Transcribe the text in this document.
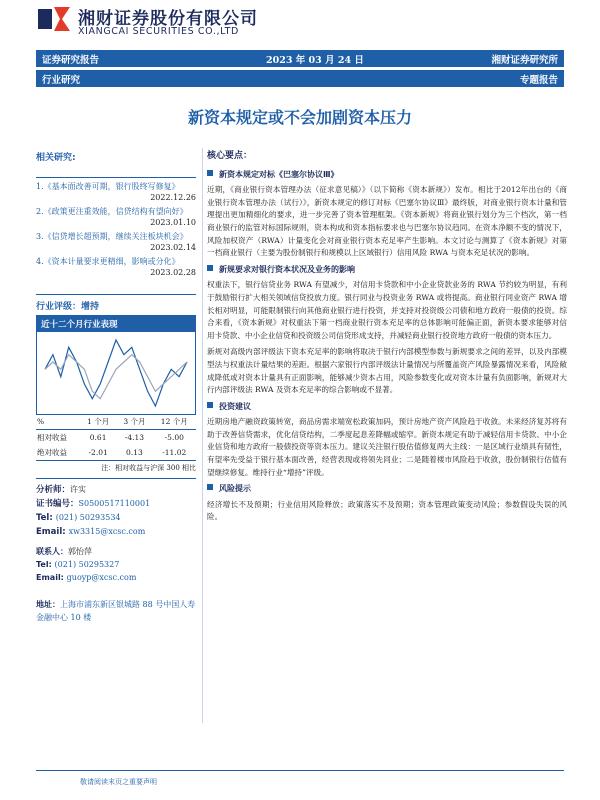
湘财证券股份有限公司
XIANGCAI SECURITIES CO.,LTD
证券研究报告	2023 年 03 月 24 日	湘财证券研究所
行业研究	专题报告
新资本规定或不会加剧资本压力
相关研究:
1.《基本面改善可期，银行股终写修复》
2022.12.26
2.《政策更注重效能，信贷结构有望向好》
2023.01.10
3.《信贷增长超预期，继续关注板块机会》
2023.02.14
4.《资本计量要求更精细，影响或分化》
2023.02.28
行业评级：增持
近十二个月行业表现
%	1 个月	3 个月	12 个月
相对收益	0.61	-4.13	-5.00
绝对收益	-2.01	0.13	-11.02
注：相对收益与沪深 300 相比
分析师：许实
证书编号：S0500517110001
Tel: (021) 50293534
Email: xw3315@xcsc.com
联系人：郭怡萍
Tel: (021) 50295327
Email: guoyp@xcsc.com
地址：上海市浦东新区银城路 88 号中国人寿金融中心 10 楼
核心要点：
新资本规定对标《巴塞尔协议Ⅲ》
近期，《商业银行资本管理办法（征求意见稿）》（以下简称《资本新规》）发布。相比于2012年出台的《商业银行资本管理办法（试行）》，新资本规定的修订对标《巴塞尔协议Ⅲ》最终版，对商业银行资本计量和管理提出更加精细化的要求，进一步完善了资本管理框架。《资本新规》将商业银行划分为三个档次，第一档商业银行的监管对标国际规则，资本构成和资本指标要求也与巴塞尔协议趋同。在资本净额不变的情况下，风险加权资产（RWA）计量变化会对商业银行资本充足率产生影响。本文讨论与测算了《资本新规》对第一档商业银行（主要为股份制银行和规模以上区域银行）信用风险 RWA 与资本充足状况的影响。
新规要求对银行资本状况及业务的影响
权重法下，银行信贷业务 RWA 有望减少，对信用卡贷款和中小企业贷款业务的 RWA 节约较为明显，有利于鼓励银行扩大相关领域信贷投放力度。银行同业与投资业务 RWA 或将提高。商业银行同业资产 RWA 增长相对明显，可能限制银行向其他商业银行进行投资，并支持对投资级公司债和地方政府一般债的投资。综合来看，《资本新规》对权重法下第一档商业银行资本充足率的总体影响可能偏正面，新资本要求能够对信用卡贷款、中小企业信贷和投资级公司信贷形成支持，并减轻商业银行投资地方政府一般债的资本压力。
新规对高级内部评级法下资本充足率的影响将取决于银行内部模型参数与新规要求之间的差异，以及内部模型法与权重法计量结果的差距。根据六家银行内部评级法计量情况与所覆盖资产风险暴露情况来看，风险敞成降低或对资本计量具有正面影响，能够减少资本占用，风险参数变化或对资本计量有负面影响，新规对大行内部评级法 RWA 及资本充足率的综合影响或不显著。
投资建议
近期房地产融资政策转宽，商品房需求端宽松政策加码，预计房地产资产风险趋于收敛。未来经济复苏将有助于改善信贷需求，优化信贷结构，二季度起息差降幅或缩窄。新资本规定有助于减轻信用卡贷款、中小企业信贷和地方政府一般债投资等资本压力。建议关注银行股估值修复两大主线：一是区域行业绩具有韧性，有望率先受益于银行基本面改善，经营表现或将领先同业；二是随着楼市风险趋于收敛，股份制银行估值有望继续修复。维持行业“增持”评级。
风险提示
经济增长不及预期；行业信用风险释放；政策落实不及预期；资本管理政策变动风险；参数假设失误的风险。
敬请阅读末页之重要声明
